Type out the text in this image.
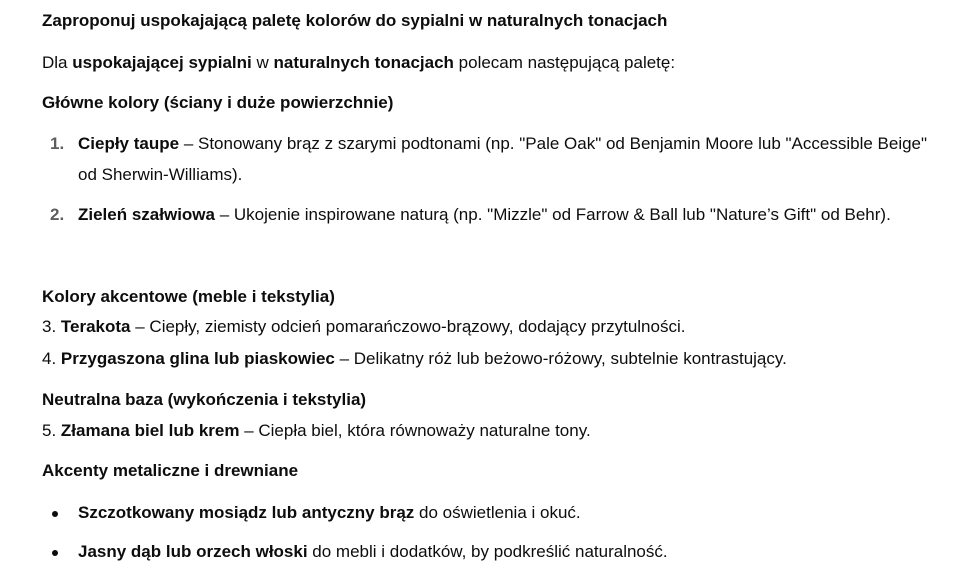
Zaproponuj uspokajającą paletę kolorów do sypialni w naturalnych tonacjach
Dla uspokajającej sypialni w naturalnych tonacjach polecam następującą paletę:
Główne kolory (ściany i duże powierzchnie)
1. Ciepły taupe – Stonowany brąz z szarymi podtonami (np. "Pale Oak" od Benjamin Moore lub "Accessible Beige" od Sherwin-Williams).
2. Zieleń szałwiowa – Ukojenie inspirowane naturą (np. "Mizzle" od Farrow & Ball lub "Nature’s Gift" od Behr).
Kolory akcentowe (meble i tekstylia)
3. Terakota – Ciepły, ziemisty odcień pomarańczowo-brązowy, dodający przytulności.
4. Przygaszona glina lub piaskowiec – Delikatny róż lub beżowo-różowy, subtelnie kontrastujący.
Neutralna baza (wykończenia i tekstylia)
5. Złamana biel lub krem – Ciepła biel, która równoważy naturalne tony.
Akcenty metaliczne i drewniane
Szczotkowany mosiądz lub antyczny brąz do oświetlenia i okuć.
Jasny dąb lub orzech włoski do mebli i dodatków, by podkreślić naturalność.
